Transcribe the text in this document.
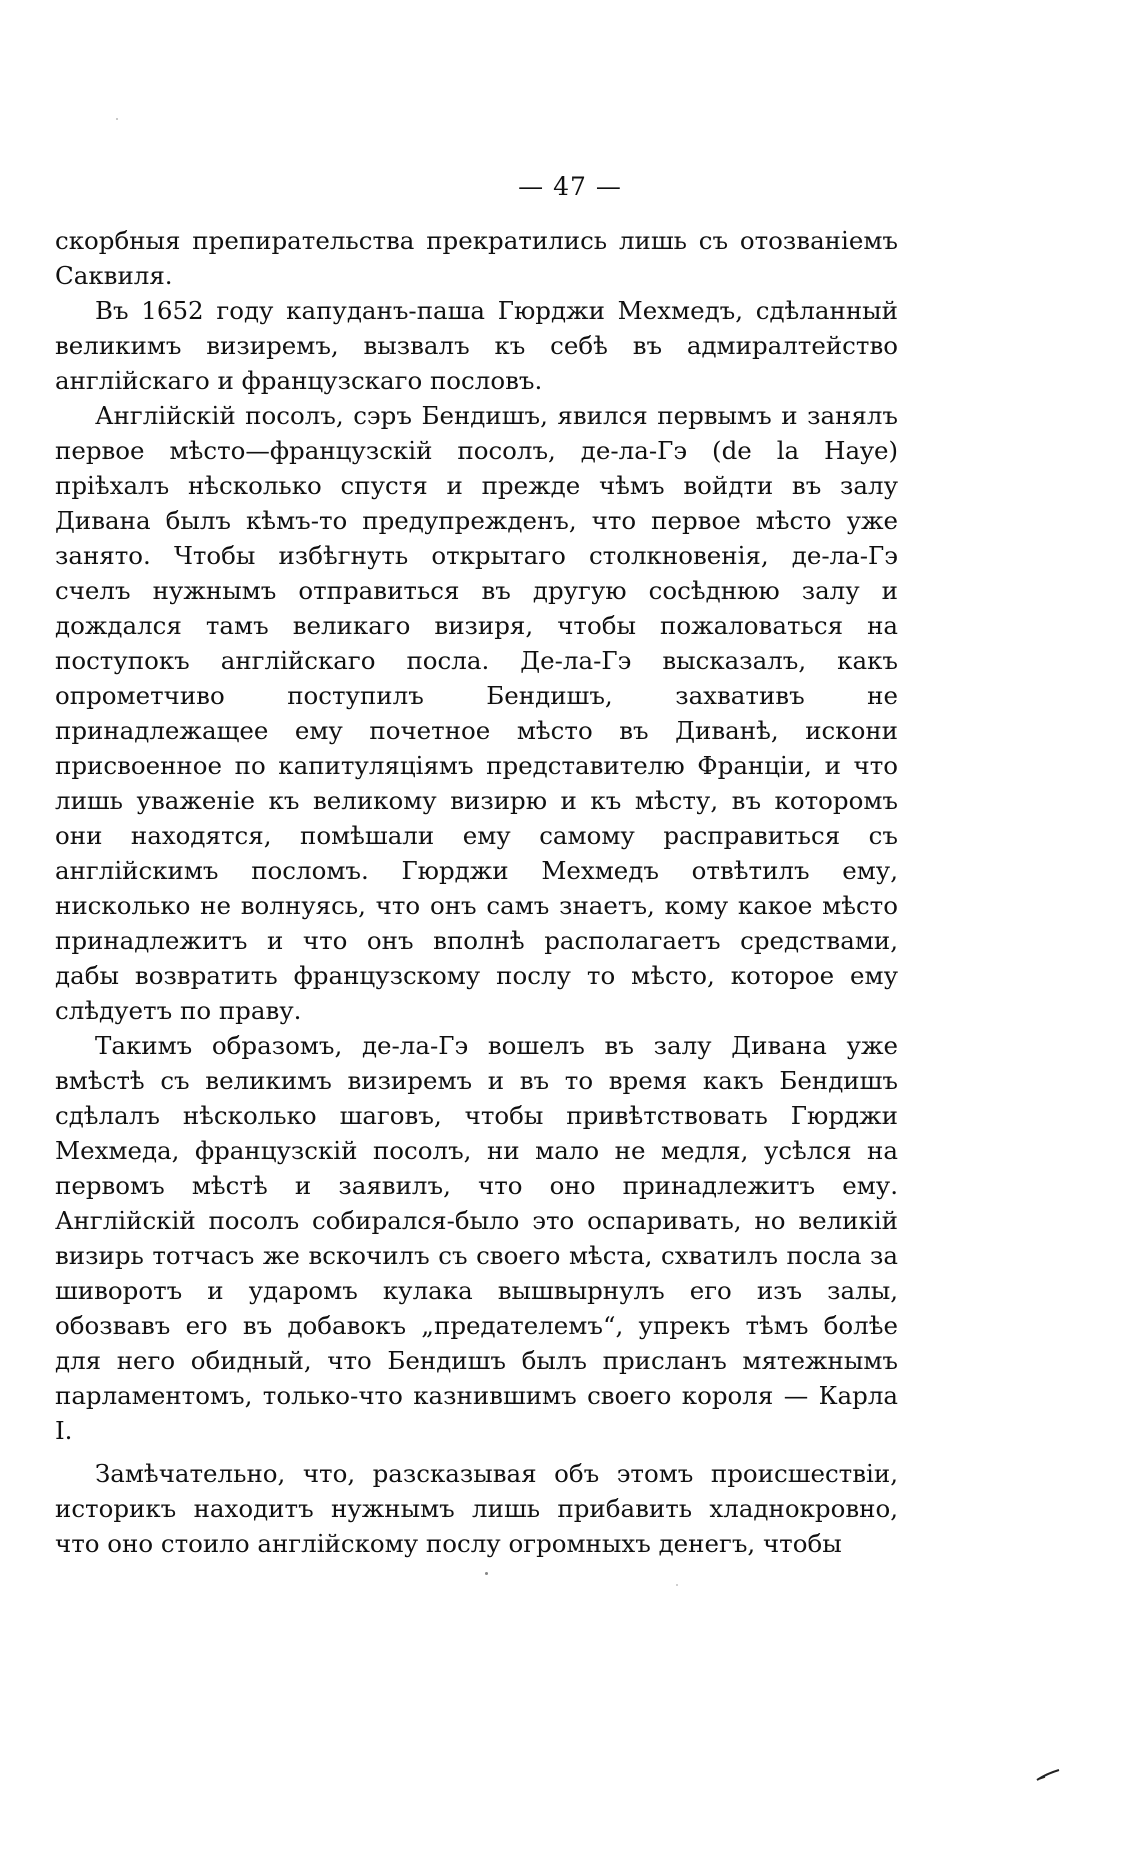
— 47 —

скорбныя препирательства прекратились лишь съ отозваніемъ Саквиля.

Въ 1652 году капуданъ-паша Гюрджи Мехмедъ, сдѣланный великимъ визиремъ, вызвалъ къ себѣ въ адмиралтейство англійскаго и французскаго пословъ.

Англійскій посолъ, сэръ Бендишъ, явился первымъ и занялъ первое мѣсто—французскій посолъ, де-ла-Гэ (de la Haye) пріѣхалъ нѣсколько спустя и прежде чѣмъ войдти въ залу Дивана былъ кѣмъ-то предупрежденъ, что первое мѣсто уже занято. Чтобы избѣгнуть открытаго столкновенія, де-ла-Гэ счелъ нужнымъ отправиться въ другую сосѣднюю залу и дождался тамъ великаго визиря, чтобы пожаловаться на поступокъ англійскаго посла. Де-ла-Гэ высказалъ, какъ опрометчиво поступилъ Бендишъ, захвативъ не принадлежащее ему почетное мѣсто въ Диванѣ, искони присвоенное по капитуляціямъ представителю Франціи, и что лишь уваженіе къ великому визирю и къ мѣсту, въ которомъ они находятся, помѣшали ему самому расправиться съ англійскимъ посломъ. Гюрджи Мехмедъ отвѣтилъ ему, нисколько не волнуясь, что онъ самъ знаетъ, кому какое мѣсто принадлежитъ и что онъ вполнѣ располагаетъ средствами, дабы возвратить французскому послу то мѣсто, которое ему слѣдуетъ по праву.

Такимъ образомъ, де-ла-Гэ вошелъ въ залу Дивана уже вмѣстѣ съ великимъ визиремъ и въ то время какъ Бендишъ сдѣлалъ нѣсколько шаговъ, чтобы привѣтствовать Гюрджи Мехмеда, французскій посолъ, ни мало не медля, усѣлся на первомъ мѣстѣ и заявилъ, что оно принадлежитъ ему. Англійскій посолъ собирался-было это оспаривать, но великій визирь тотчасъ же вскочилъ съ своего мѣста, схватилъ посла за шиворотъ и ударомъ кулака вышвырнулъ его изъ залы, обозвавъ его въ добавокъ „предателемъ“, упрекъ тѣмъ болѣе для него обидный, что Бендишъ былъ присланъ мятежнымъ парламентомъ, только-что казнившимъ своего короля — Карла I.

Замѣчательно, что, разсказывая объ этомъ происшествіи, историкъ находитъ нужнымъ лишь прибавить хладнокровно, что оно стоило англійскому послу огромныхъ денегъ, чтобы
